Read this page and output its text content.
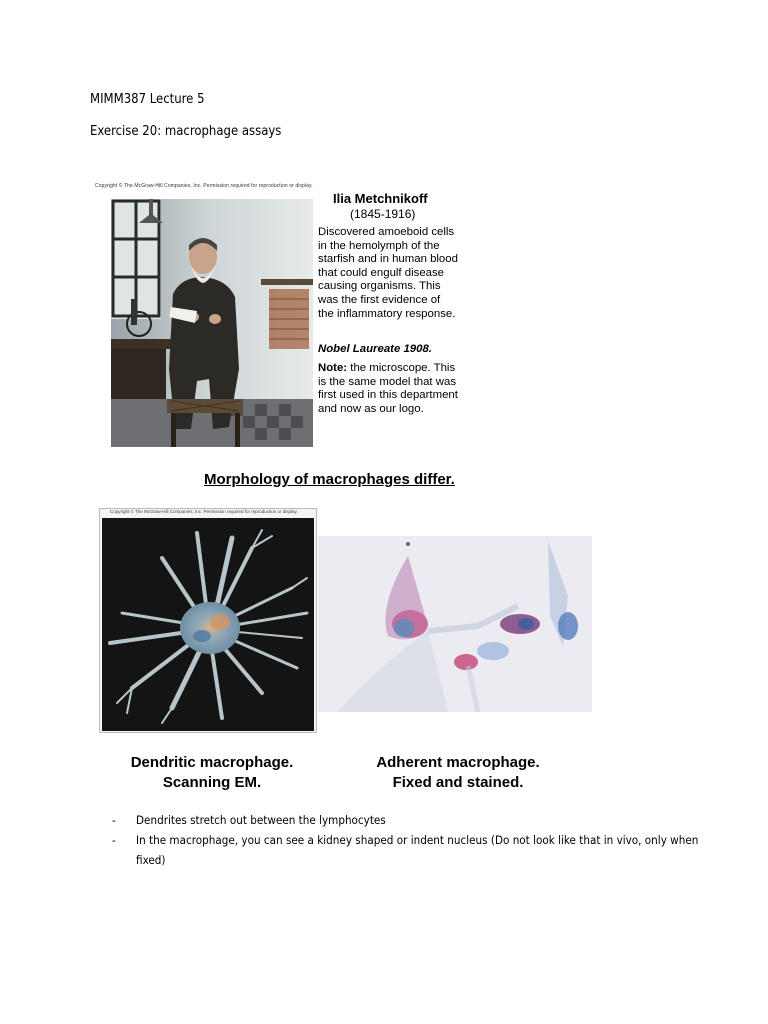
MIMM387 Lecture 5
Exercise 20: macrophage assays
Copyright © The McGraw-Hill Companies, Inc. Permission required for reproduction or display.
Ilia Metchnikoff
(1845-1916)
Discovered amoeboid cells in the hemolymph of the starfish and in human blood that could engulf disease causing organisms. This was the first evidence of the inflammatory response.
Nobel Laureate 1908.
Note: the microscope. This is the same model that was first used in this department and now as our logo.
Morphology of macrophages differ.
Copyright © The McGraw-Hill Companies, Inc. Permission required for reproduction or display.
Dendritic macrophage.
Scanning EM.
Adherent macrophage.
Fixed and stained.
- Dendrites stretch out between the lymphocytes
- In the macrophage, you can see a kidney shaped or indent nucleus (Do not look like that in vivo, only when fixed)
